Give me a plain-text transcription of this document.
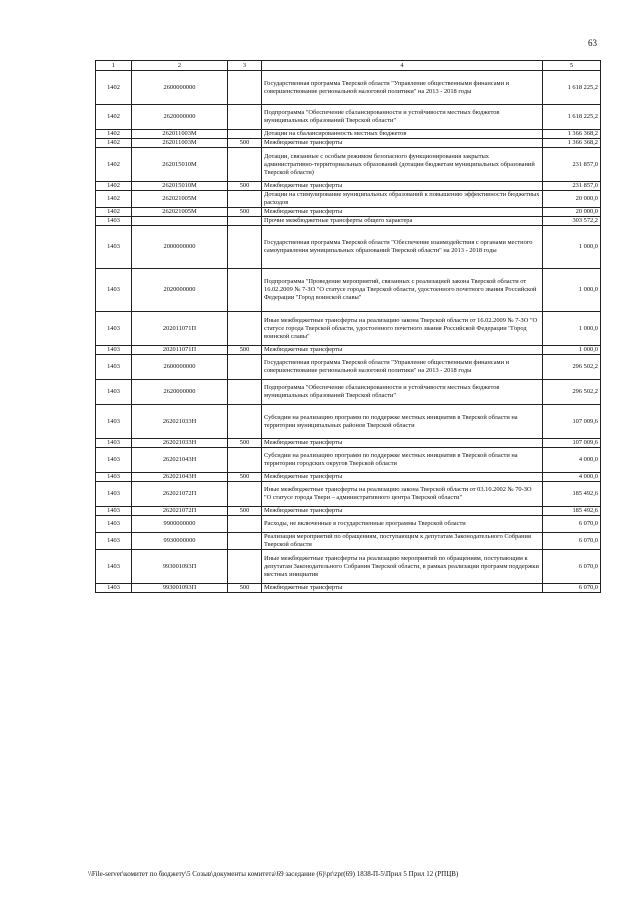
63
1	2	3	4	5
1402	2600000000		Государственная программа Тверской области "Управление общественными финансами и совершенствование региональной налоговой политики" на 2013 - 2018 годы	1 618 225,2
1402	2620000000		Подпрограмма "Обеспечение сбалансированности и устойчивости местных бюджетов муниципальных образований Тверской области"	1 618 225,2
1402	262011003М		Дотации на сбалансированность местных бюджетов	1 366 368,2
1402	262011003М	500	Межбюджетные трансферты	1 366 368,2
1402	262015010М		Дотации, связанные с особым режимом безопасного функционирования закрытых административно-территориальных образований (дотации бюджетам муниципальных образований Тверской области)	231 857,0
1402	262015010М	500	Межбюджетные трансферты	231 857,0
1402	262021005М		Дотации на стимулирование муниципальных образований к повышению эффективности бюджетных расходов	20 000,0
1402	262021005М	500	Межбюджетные трансферты	20 000,0
1403			Прочие межбюджетные трансферты общего характера	303 572,2
1403	2000000000		Государственная программа Тверской области "Обеспечение взаимодействия с органами местного самоуправления муниципальных образований Тверской области" на 2013 - 2018 годы	1 000,0
1403	2020000000		Подпрограмма "Проведение мероприятий, связанных с реализацией закона Тверской области от 16.02.2009 № 7-ЗО "О статусе города Тверской области, удостоенного почетного звания Российской Федерации "Город воинской славы"	1 000,0
1403	202011071П		Иные межбюджетные трансферты на реализацию закона Тверской области от 16.02.2009 № 7-ЗО "О статусе города Тверской области, удостоенного почетного звания Российской Федерации "Город воинской славы"	1 000,0
1403	202011071П	500	Межбюджетные трансферты	1 000,0
1403	2600000000		Государственная программа Тверской области "Управление общественными финансами и совершенствование региональной налоговой политики" на 2013 - 2018 годы	296 502,2
1403	2620000000		Подпрограмма "Обеспечение сбалансированности и устойчивости местных бюджетов муниципальных образований Тверской области"	296 502,2
1403	262021033Н		Субсидии на реализацию программ по поддержке местных инициатив в Тверской области на территории муниципальных районов Тверской области	107 009,6
1403	262021033Н	500	Межбюджетные трансферты	107 009,6
1403	262021043Н		Субсидии на реализацию программ по поддержке местных инициатив в Тверской области на территории городских округов Тверской области	4 000,0
1403	262021043Н	500	Межбюджетные трансферты	4 000,0
1403	262021072П		Иные межбюджетные трансферты на реализацию закона Тверской области от 03.10.2002 № 70-ЗО "О статусе города Твери – административного центра Тверской области"	185 492,6
1403	262021072П	500	Межбюджетные трансферты	185 492,6
1403	9900000000		Расходы, не включенные в государственные программы Тверской области	6 070,0
1403	9930000000		Реализация мероприятий по обращениям, поступающим к депутатам Законодательного Собрания Тверской области	6 070,0
1403	993001093П		Иные межбюджетные трансферты на реализацию мероприятий по обращениям, поступающим к депутатам Законодательного Собрания Тверской области, в рамках реализации программ поддержки местных инициатив	6 070,0
1403	993001093П	500	Межбюджетные трансферты	6 070,0
\\File-server\комитет по бюджету\5 Созыв\документы комитета\69 заседание (6)\pr\zpr(69) 1838-П-5\Прил 5 Прил 12 (РПЦВ)
